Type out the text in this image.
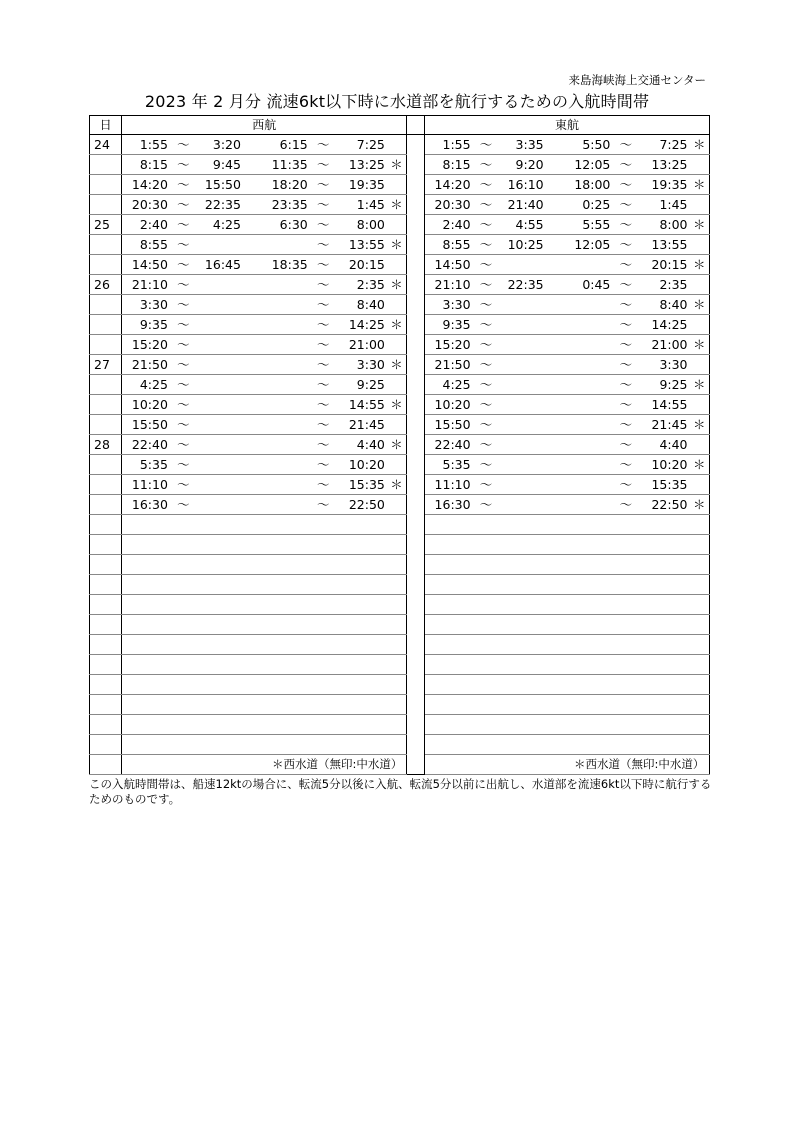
来島海峡海上交通センター
2023 年 2 月分 流速6kt以下時に水道部を航行するための入航時間帯
日	西航								東航						
24	1:55	～	3:20	6:15	～	7:25			1:55	～	3:35	5:50	～	7:25	＊
	8:15	～	9:45	11:35	～	13:25	＊		8:15	～	9:20	12:05	～	13:25	
	14:20	～	15:50	18:20	～	19:35			14:20	～	16:10	18:00	～	19:35	＊
	20:30	～	22:35	23:35	～	1:45	＊		20:30	～	21:40	0:25	～	1:45	
25	2:40	～	4:25	6:30	～	8:00			2:40	～	4:55	5:55	～	8:00	＊
	8:55	～			～	13:55	＊		8:55	～	10:25	12:05	～	13:55	
	14:50	～	16:45	18:35	～	20:15			14:50	～			～	20:15	＊
26	21:10	～			～	2:35	＊		21:10	～	22:35	0:45	～	2:35	
	3:30	～			～	8:40			3:30	～			～	8:40	＊
	9:35	～			～	14:25	＊		9:35	～			～	14:25	
	15:20	～			～	21:00			15:20	～			～	21:00	＊
27	21:50	～			～	3:30	＊		21:50	～			～	3:30	
	4:25	～			～	9:25			4:25	～			～	9:25	＊
	10:20	～			～	14:55	＊		10:20	～			～	14:55	
	15:50	～			～	21:45			15:50	～			～	21:45	＊
28	22:40	～			～	4:40	＊		22:40	～			～	4:40	
	5:35	～			～	10:20			5:35	～			～	10:20	＊
	11:10	～			～	15:35	＊		11:10	～			～	15:35	
	16:30	～			～	22:50			16:30	～			～	22:50	＊

＊西水道（無印:中水道）	＊西水道（無印:中水道）
この入航時間帯は、船速12ktの場合に、転流5分以後に入航、転流5分以前に出航し、水道部を流速6kt以下時に航行するためのものです。
